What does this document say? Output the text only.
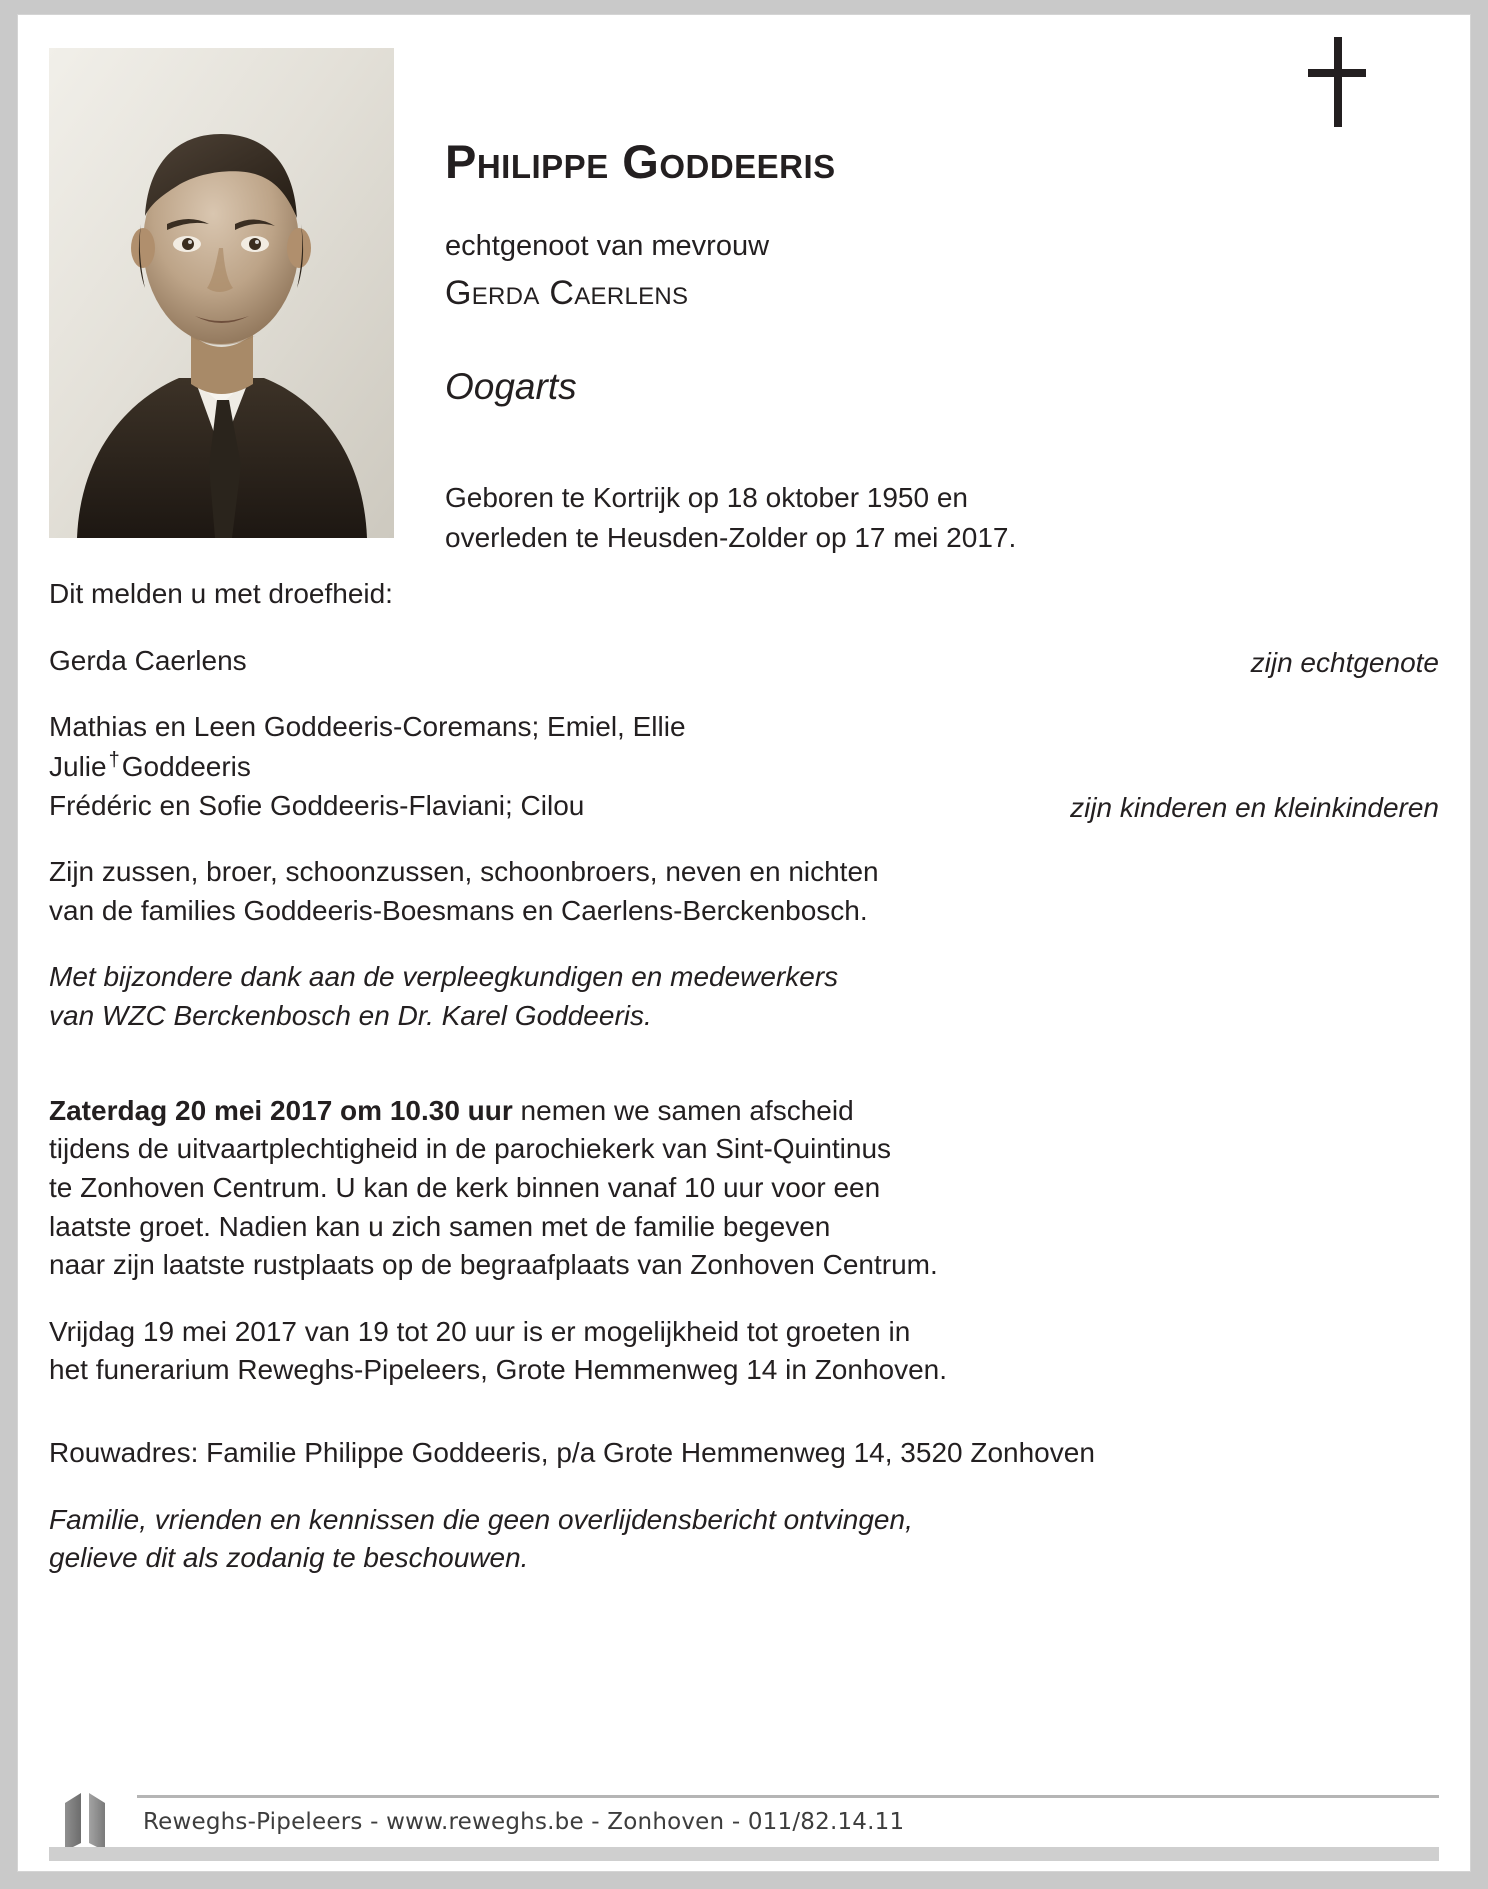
Philippe Goddeeris

echtgenoot van mevrouw

Gerda Caerlens

Oogarts

Geboren te Kortrijk op 18 oktober 1950 en
overleden te Heusden-Zolder op 17 mei 2017.

Dit melden u met droefheid:

Gerda Caerlens	zijn echtgenote
Mathias en Leen Goddeeris-Coremans; Emiel, Ellie
Julie †Goddeeris
Frédéric en Sofie Goddeeris-Flaviani; Cilou	zijn kinderen en kleinkinderen

Zijn zussen, broer, schoonzussen, schoonbroers, neven en nichten
van de families Goddeeris-Boesmans en Caerlens-Berckenbosch.

Met bijzondere dank aan de verpleegkundigen en medewerkers
van WZC Berckenbosch en Dr. Karel Goddeeris.

Zaterdag 20 mei 2017 om 10.30 uur nemen we samen afscheid
tijdens de uitvaartplechtigheid in de parochiekerk van Sint-Quintinus
te Zonhoven Centrum. U kan de kerk binnen vanaf 10 uur voor een
laatste groet. Nadien kan u zich samen met de familie begeven
naar zijn laatste rustplaats op de begraafplaats van Zonhoven Centrum.

Vrijdag 19 mei 2017 van 19 tot 20 uur is er mogelijkheid tot groeten in
het funerarium Reweghs-Pipeleers, Grote Hemmenweg 14 in Zonhoven.

Rouwadres: Familie Philippe Goddeeris, p/a Grote Hemmenweg 14, 3520 Zonhoven

Familie, vrienden en kennissen die geen overlijdensbericht ontvingen,
gelieve dit als zodanig te beschouwen.

Reweghs-Pipeleers - www.reweghs.be - Zonhoven - 011/82.14.11
